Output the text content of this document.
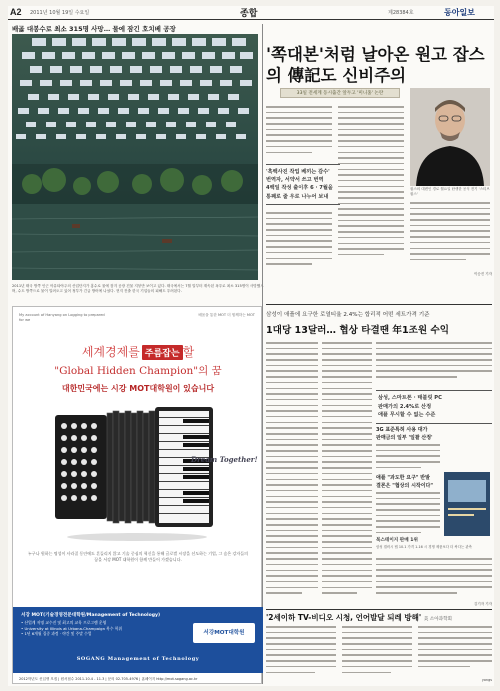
A2 2011년 10월 19일 수요일	종합	제28384호	동아일보
배곯 대봉수로 최소 315명 사망… 물에 잠긴 호치베 공장
2011년 태국 방콕 인근 아유타야주의 산업단지가 홍수로 물에 잠겨 공장 건물 지붕만 보이고 있다. 태국에서는 7월 말부터 계속된 폭우로 최소 315명이 사망했으며, 수도 방콕으로 물이 밀려오고 있어 정부가 긴급 방어에 나섰다. 현지 진출 한국 기업들의 피해도 우려된다.
'쪽대본'처럼 날아온 원고 잡스의 傳記도 신비주의
33일 전세계 동시출간 앞두고 '미니홈' 논란
잡스의 대변인 경로 월요일 탄생한 공식 전기 '스티브 잡스'
'흑백사진 작업 베끼는 감수'
번역자, 서약서 쓰고 번역
4백일 작성 출이후 6 · 7월을
통째로 줄 우로 나누어 보내
이승진 기자
My account of Hanyang on Logging to prepared for we
배움을 통한 MOT 더 힘께하는 MOT
세계경제를 주름잡는 할
"Global Hidden Champion"의 꿈
대한민국에는 시강 MOT대학원이 있습니다
Dream Together!
누구나 원하는 명성이 사라질 동안에도 흔들리지 않고 기술 중심의 혁신을 통해 글로벌 시장을 선도하는 기업, 그 숨은 강자들의 꿈을 서강 MOT 대학원이 함께 만들어 가겠습니다.
서강 MOT(기술경영전문대학원/Management of Technology)
• 산업계 저명 교수진 및 최고의 교육 프로그램 운영
• University at Illinois at Urbana-Champaign 복수 학위
• 1년 6개월 집중 과정 · 야간 및 주말 수업	서강MOT대학원
SOGANG Management of Technology
2012학년도 신입생 모집 | 원서접수 2011.10.4 - 11.3 | 문의 02-705-4976 | 홈페이지 http://mot.sogang.ac.kr
삼성이 애플에 요구한 로열티율 2.4%는 합리적 어떤 세트가격 기준
1대당 13달러… 협상 타결땐 年1조원 수익
삼성, 스마트폰 · 태블릿 PC
판매가의 2.4%로 산정
애플 무시할 수 없는 수준
3G 표준특허 사용 대가
판매금의 일부 '일괄 산정'
애플 "과도한 요구" 반발
결론은 "협상의 시작이다"
북스테이지 판매 1위
삼성 갤럭시 탭 10.1 가격 1-16 시 경쟁 제품보다 더 싸다는 관측
김기자 기자
'2세이하 TV-비디오 시청, 언어발달 되레 방해' 美 소아과학회
yongs
